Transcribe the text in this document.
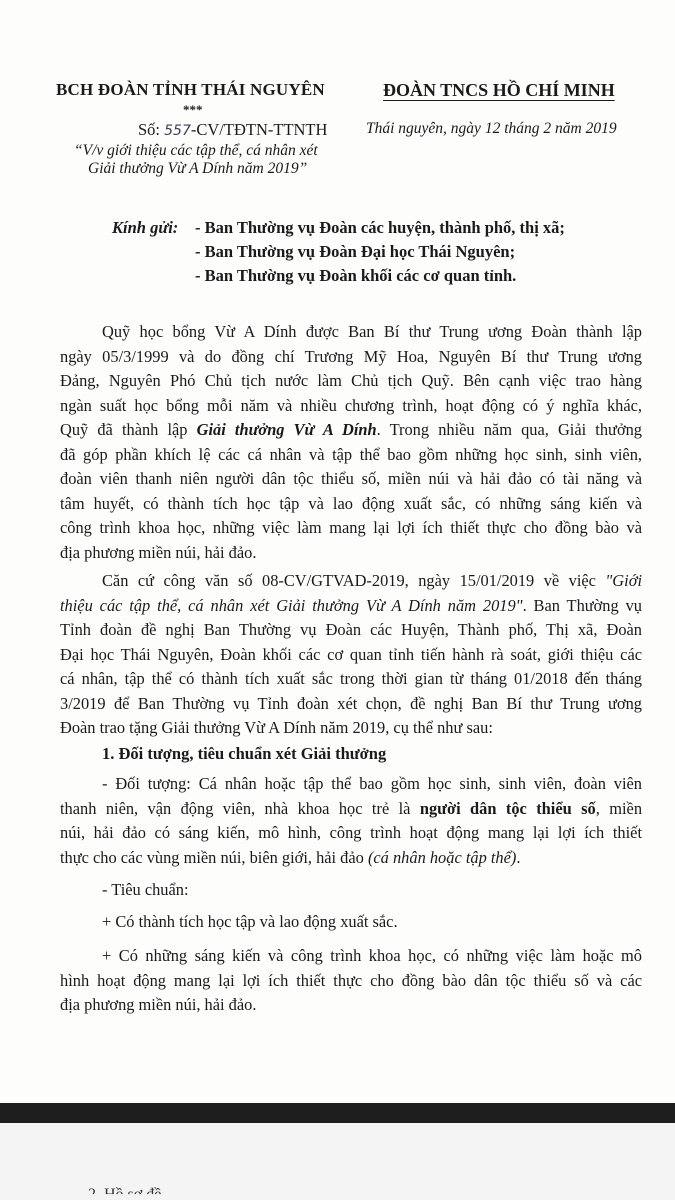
BCH ĐOÀN TỈNH THÁI NGUYÊN
***
Số: 557-CV/TĐTN-TTNTH
“V/v giới thiệu các tập thể, cá nhân xét
Giải thưởng Vừ A Dính năm 2019”
ĐOÀN TNCS HỒ CHÍ MINH
Thái nguyên, ngày 12 tháng 2 năm 2019
Kính gửi: - Ban Thường vụ Đoàn các huyện, thành phố, thị xã;
- Ban Thường vụ Đoàn Đại học Thái Nguyên;
- Ban Thường vụ Đoàn khối các cơ quan tỉnh.
Quỹ học bổng Vừ A Dính được Ban Bí thư Trung ương Đoàn thành lập
ngày 05/3/1999 và do đồng chí Trương Mỹ Hoa, Nguyên Bí thư Trung ương
Đảng, Nguyên Phó Chủ tịch nước làm Chủ tịch Quỹ. Bên cạnh việc trao hàng
ngàn suất học bổng mỗi năm và nhiều chương trình, hoạt động có ý nghĩa khác,
Quỹ đã thành lập Giải thưởng Vừ A Dính. Trong nhiều năm qua, Giải thưởng
đã góp phần khích lệ các cá nhân và tập thể bao gồm những học sinh, sinh viên,
đoàn viên thanh niên người dân tộc thiểu số, miền núi và hải đảo có tài năng và
tâm huyết, có thành tích học tập và lao động xuất sắc, có những sáng kiến và
công trình khoa học, những việc làm mang lại lợi ích thiết thực cho đồng bào và
địa phương miền núi, hải đảo.
Căn cứ công văn số 08-CV/GTVAD-2019, ngày 15/01/2019 về việc "Giới
thiệu các tập thể, cá nhân xét Giải thưởng Vừ A Dính năm 2019". Ban Thường vụ
Tỉnh đoàn đề nghị Ban Thường vụ Đoàn các Huyện, Thành phố, Thị xã, Đoàn
Đại học Thái Nguyên, Đoàn khối các cơ quan tỉnh tiến hành rà soát, giới thiệu các
cá nhân, tập thể có thành tích xuất sắc trong thời gian từ tháng 01/2018 đến tháng
3/2019 để Ban Thường vụ Tỉnh đoàn xét chọn, đề nghị Ban Bí thư Trung ương
Đoàn trao tặng Giải thưởng Vừ A Dính năm 2019, cụ thể như sau:
1. Đối tượng, tiêu chuẩn xét Giải thưởng
- Đối tượng: Cá nhân hoặc tập thể bao gồm học sinh, sinh viên, đoàn viên
thanh niên, vận động viên, nhà khoa học trẻ là người dân tộc thiểu số, miền
núi, hải đảo có sáng kiến, mô hình, công trình hoạt động mang lại lợi ích thiết
thực cho các vùng miền núi, biên giới, hải đảo (cá nhân hoặc tập thể).
- Tiêu chuẩn:
+ Có thành tích học tập và lao động xuất sắc.
+ Có những sáng kiến và công trình khoa học, có những việc làm hoặc mô
hình hoạt động mang lại lợi ích thiết thực cho đồng bào dân tộc thiểu số và các
địa phương miền núi, hải đảo.
